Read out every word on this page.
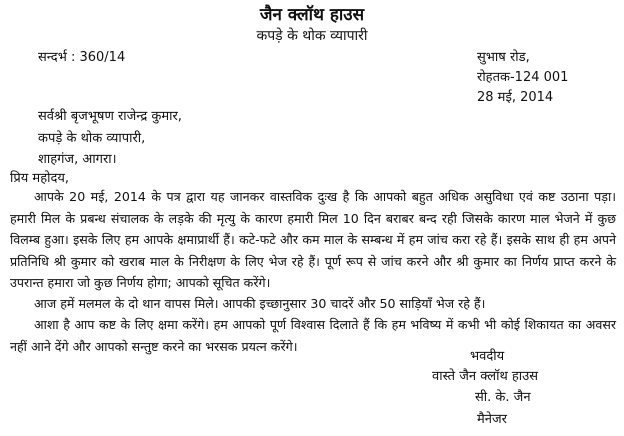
जैन क्लॉथ हाउस
कपड़े के थोक व्यापारी
सन्दर्भ : 360/14	सुभाष रोड,
रोहतक-124 001
28 मई, 2014
सर्वश्री बृजभूषण राजेन्द्र कुमार,
कपड़े के थोक व्यापारी,
शाहगंज, आगरा।
प्रिय महोदय,
आपके 20 मई, 2014 के पत्र द्वारा यह जानकर वास्तविक दुःख है कि आपको बहुत अधिक असुविधा एवं कष्ट उठाना पड़ा। हमारी मिल के प्रबन्ध संचालक के लड़के की मृत्यु के कारण हमारी मिल 10 दिन बराबर बन्द रही जिसके कारण माल भेजने में कुछ विलम्ब हुआ। इसके लिए हम आपके क्षमाप्रार्थी हैं। कटे-फटे और कम माल के सम्बन्ध में हम जांच करा रहे हैं। इसके साथ ही हम अपने प्रतिनिधि श्री कुमार को खराब माल के निरीक्षण के लिए भेज रहे हैं। पूर्ण रूप से जांच करने और श्री कुमार का निर्णय प्राप्त करने के उपरान्त हमारा जो कुछ निर्णय होगा; आपको सूचित करेंगे।
आज हमें मलमल के दो थान वापस मिले। आपकी इच्छानुसार 30 चादरें और 50 साड़ियाँ भेज रहे हैं।
आशा है आप कष्ट के लिए क्षमा करेंगे। हम आपको पूर्ण विश्वास दिलाते हैं कि हम भविष्य में कभी भी कोई शिकायत का अवसर नहीं आने देंगे और आपको सन्तुष्ट करने का भरसक प्रयत्न करेंगे।
भवदीय
वास्ते जैन क्लॉथ हाउस
सी. के. जैन
मैनेजर
